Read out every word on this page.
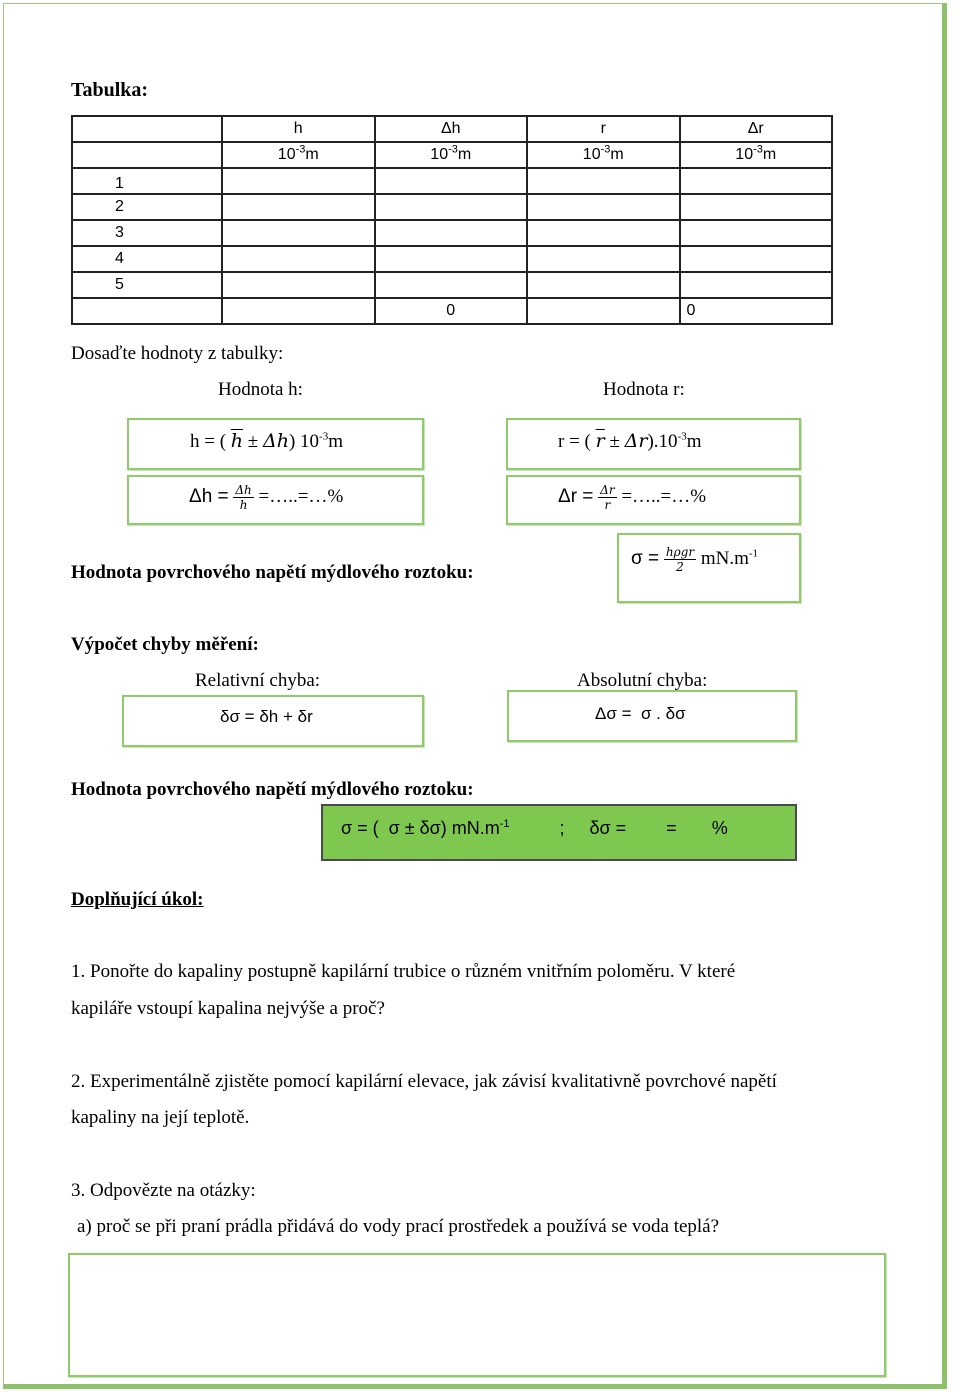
Tabulka:
	h	Δh	r	Δr
	$10^{-3}m$	$10^{-3}m$	$10^{-3}m$	$10^{-3}m$
1				
2				
3				
4				
5				
		0		0
Dosaďte hodnoty z tabulky:
Hodnota h:	Hodnota r:
h = ( $\overline{h} \pm \Delta h$) $10^{-3}m$	r = ( $\overline{r} \pm \Delta r).10^{-3}m$
$\Delta h = \frac{\Delta h}{h}$ =…..=…%	$\Delta r = \frac{\Delta r}{r}$ =…..=…%
Hodnota povrchového napětí mýdlového roztoku:
$\sigma = \frac{\text{hρgr}}{2} mN.m^{-1}$
Výpočet chyby měření:
Relativní chyba:	Absolutní chyba:
δσ = δh + δr	Δσ =  σ . δσ
Hodnota povrchového napětí mýdlového roztoku:
σ = (  σ ± δσ) $mN.m^{-1}$          ;     δσ =        =       %
Doplňující úkol:
1. Ponořte do kapaliny postupně kapilární trubice o různém vnitřním poloměru. V které
kapiláře vstoupí kapalina nejvýše a proč?
2. Experimentálně zjistěte pomocí kapilární elevace, jak závisí kvalitativně povrchové napětí
kapaliny na její teplotě.
3. Odpovězte na otázky:
a) proč se při praní prádla přidává do vody prací prostředek a používá se voda teplá?
